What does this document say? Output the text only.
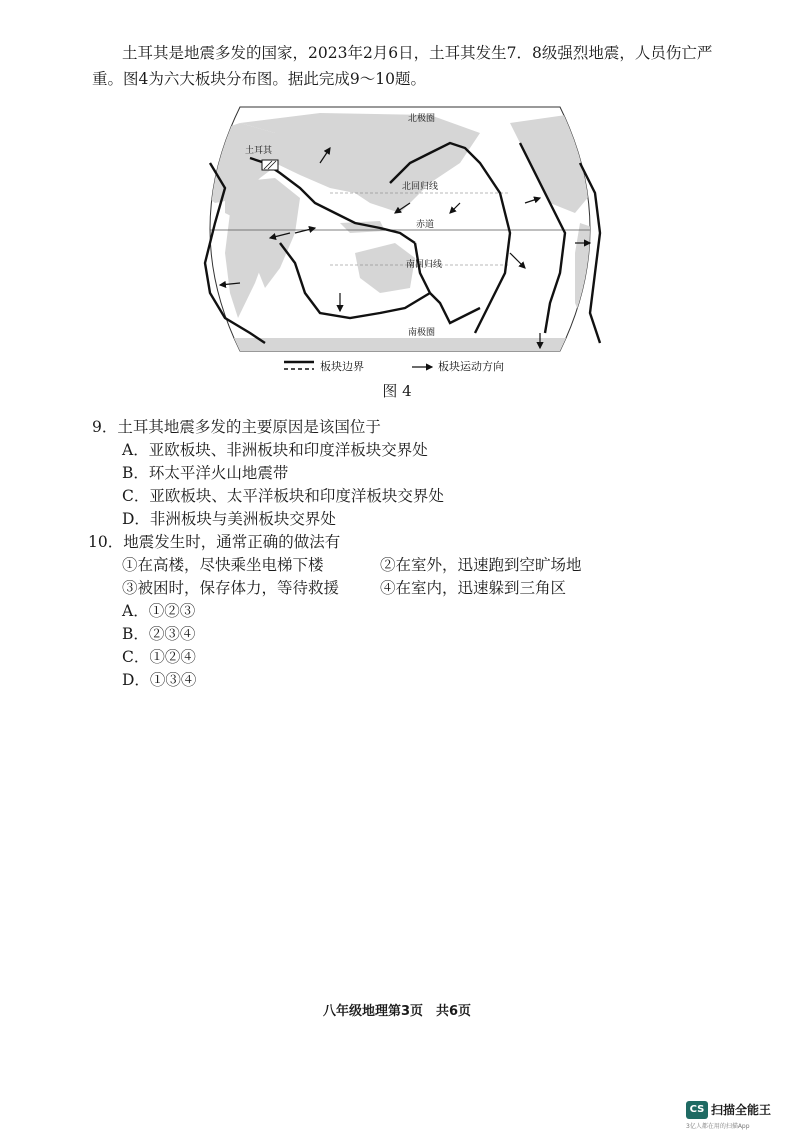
土耳其是地震多发的国家，2023年2月6日，土耳其发生7．8级强烈地震，人员伤亡严重。图4为六大板块分布图。据此完成9～10题。
土耳其
北极圈
北回归线
赤道
南回归线
南极圈
板块边界	板块运动方向
图 4
9．土耳其地震多发的主要原因是该国位于
A．亚欧板块、非洲板块和印度洋板块交界处
B．环太平洋火山地震带
C．亚欧板块、太平洋板块和印度洋板块交界处
D．非洲板块与美洲板块交界处
10．地震发生时，通常正确的做法有
①在高楼，尽快乘坐电梯下楼	②在室外，迅速跑到空旷场地
③被困时，保存体力，等待救援	④在室内，迅速躲到三角区
A．①②③
B．②③④
C．①②④
D．①③④
八年级地理第3页　共6页
CS 扫描全能王
3亿人都在用的扫描App
